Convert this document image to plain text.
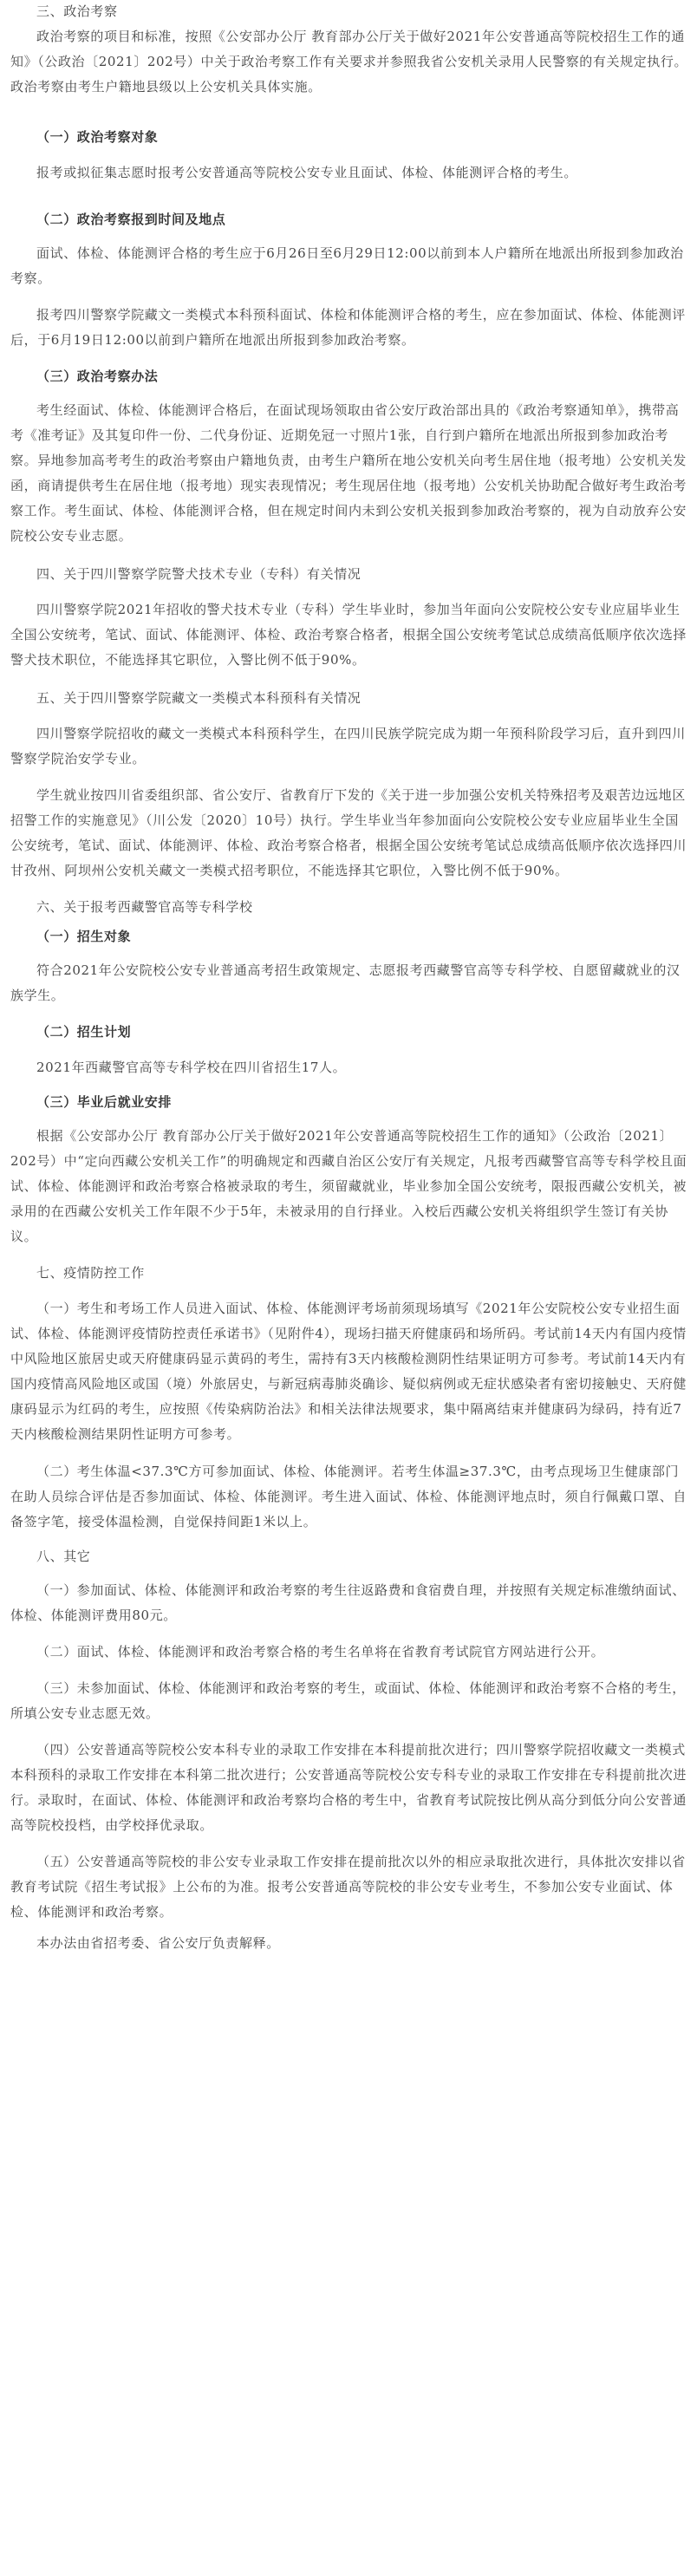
三、政治考察

政治考察的项目和标准，按照《公安部办公厅 教育部办公厅关于做好2021年公安普通高等院校招生工作的通知》（公政治〔2021〕202号）中关于政治考察工作有关要求并参照我省公安机关录用人民警察的有关规定执行。政治考察由考生户籍地县级以上公安机关具体实施。

（一）政治考察对象

报考或拟征集志愿时报考公安普通高等院校公安专业且面试、体检、体能测评合格的考生。

（二）政治考察报到时间及地点

面试、体检、体能测评合格的考生应于6月26日至6月29日12:00以前到本人户籍所在地派出所报到参加政治考察。

报考四川警察学院藏文一类模式本科预科面试、体检和体能测评合格的考生，应在参加面试、体检、体能测评后，于6月19日12:00以前到户籍所在地派出所报到参加政治考察。

（三）政治考察办法

考生经面试、体检、体能测评合格后，在面试现场领取由省公安厅政治部出具的《政治考察通知单》，携带高考《准考证》及其复印件一份、二代身份证、近期免冠一寸照片1张，自行到户籍所在地派出所报到参加政治考察。异地参加高考考生的政治考察由户籍地负责，由考生户籍所在地公安机关向考生居住地（报考地）公安机关发函，商请提供考生在居住地（报考地）现实表现情况；考生现居住地（报考地）公安机关协助配合做好考生政治考察工作。考生面试、体检、体能测评合格，但在规定时间内未到公安机关报到参加政治考察的，视为自动放弃公安院校公安专业志愿。

四、关于四川警察学院警犬技术专业（专科）有关情况

四川警察学院2021年招收的警犬技术专业（专科）学生毕业时，参加当年面向公安院校公安专业应届毕业生全国公安统考，笔试、面试、体能测评、体检、政治考察合格者，根据全国公安统考笔试总成绩高低顺序依次选择警犬技术职位，不能选择其它职位，入警比例不低于90%。

五、关于四川警察学院藏文一类模式本科预科有关情况

四川警察学院招收的藏文一类模式本科预科学生，在四川民族学院完成为期一年预科阶段学习后，直升到四川警察学院治安学专业。

学生就业按四川省委组织部、省公安厅、省教育厅下发的《关于进一步加强公安机关特殊招考及艰苦边远地区招警工作的实施意见》（川公发〔2020〕10号）执行。学生毕业当年参加面向公安院校公安专业应届毕业生全国公安统考，笔试、面试、体能测评、体检、政治考察合格者，根据全国公安统考笔试总成绩高低顺序依次选择四川甘孜州、阿坝州公安机关藏文一类模式招考职位，不能选择其它职位，入警比例不低于90%。

六、关于报考西藏警官高等专科学校

（一）招生对象

符合2021年公安院校公安专业普通高考招生政策规定、志愿报考西藏警官高等专科学校、自愿留藏就业的汉族学生。

（二）招生计划

2021年西藏警官高等专科学校在四川省招生17人。

（三）毕业后就业安排

根据《公安部办公厅 教育部办公厅关于做好2021年公安普通高等院校招生工作的通知》（公政治〔2021〕202号）中“定向西藏公安机关工作”的明确规定和西藏自治区公安厅有关规定，凡报考西藏警官高等专科学校且面试、体检、体能测评和政治考察合格被录取的考生，须留藏就业，毕业参加全国公安统考，限报西藏公安机关，被录用的在西藏公安机关工作年限不少于5年，未被录用的自行择业。入校后西藏公安机关将组织学生签订有关协议。

七、疫情防控工作

（一）考生和考场工作人员进入面试、体检、体能测评考场前须现场填写《2021年公安院校公安专业招生面试、体检、体能测评疫情防控责任承诺书》（见附件4），现场扫描天府健康码和场所码。考试前14天内有国内疫情中风险地区旅居史或天府健康码显示黄码的考生，需持有3天内核酸检测阴性结果证明方可参考。考试前14天内有国内疫情高风险地区或国（境）外旅居史，与新冠病毒肺炎确诊、疑似病例或无症状感染者有密切接触史、天府健康码显示为红码的考生，应按照《传染病防治法》和相关法律法规要求，集中隔离结束并健康码为绿码，持有近7天内核酸检测结果阴性证明方可参考。

（二）考生体温<37.3℃方可参加面试、体检、体能测评。若考生体温≥37.3℃，由考点现场卫生健康部门在助人员综合评估是否参加面试、体检、体能测评。考生进入面试、体检、体能测评地点时，须自行佩戴口罩、自备签字笔，接受体温检测，自觉保持间距1米以上。

八、其它

（一）参加面试、体检、体能测评和政治考察的考生往返路费和食宿费自理，并按照有关规定标准缴纳面试、体检、体能测评费用80元。

（二）面试、体检、体能测评和政治考察合格的考生名单将在省教育考试院官方网站进行公开。

（三）未参加面试、体检、体能测评和政治考察的考生，或面试、体检、体能测评和政治考察不合格的考生，所填公安专业志愿无效。

（四）公安普通高等院校公安本科专业的录取工作安排在本科提前批次进行；四川警察学院招收藏文一类模式本科预科的录取工作安排在本科第二批次进行；公安普通高等院校公安专科专业的录取工作安排在专科提前批次进行。录取时，在面试、体检、体能测评和政治考察均合格的考生中，省教育考试院按比例从高分到低分向公安普通高等院校投档，由学校择优录取。

（五）公安普通高等院校的非公安专业录取工作安排在提前批次以外的相应录取批次进行，具体批次安排以省教育考试院《招生考试报》上公布的为准。报考公安普通高等院校的非公安专业考生，不参加公安专业面试、体检、体能测评和政治考察。

本办法由省招考委、省公安厅负责解释。
